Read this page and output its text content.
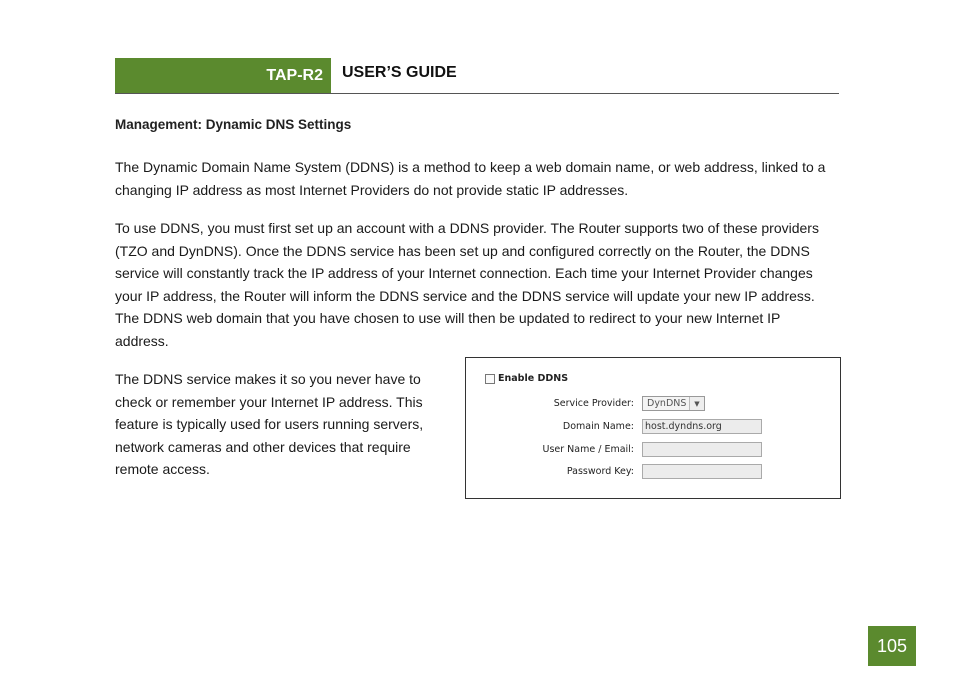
TAP-R2	USER’S GUIDE
Management: Dynamic DNS Settings
The Dynamic Domain Name System (DDNS) is a method to keep a web domain name, or web address, linked to a changing IP address as most Internet Providers do not provide static IP addresses.
To use DDNS, you must first set up an account with a DDNS provider. The Router supports two of these providers (TZO and DynDNS). Once the DDNS service has been set up and configured correctly on the Router, the DDNS service will constantly track the IP address of your Internet connection. Each time your Internet Provider changes your IP address, the Router will inform the DDNS service and the DDNS service will update your new IP address. The DDNS web domain that you have chosen to use will then be updated to redirect to your new Internet IP address.
The DDNS service makes it so you never have to check or remember your Internet IP address. This feature is typically used for users running servers, network cameras and other devices that require remote access.
Enable DDNS
Service Provider: DynDNS	▼
Domain Name:	host.dyndns.org
User Name / Email:
Password Key:
105
